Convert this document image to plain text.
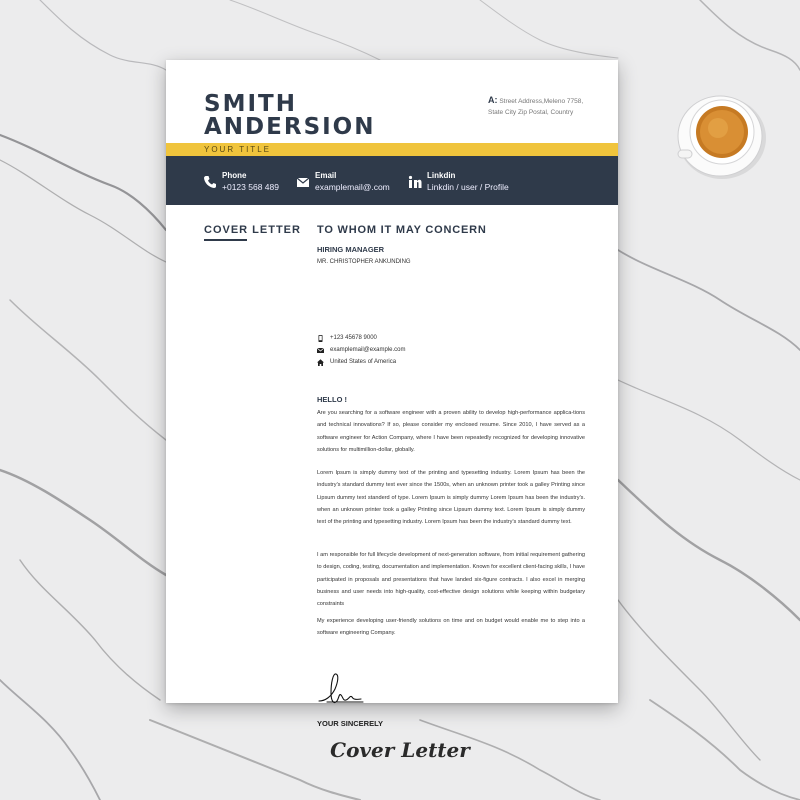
SMITH
ANDERSION
A: Street Address,Meleno 7758,
State City Zip Postal, Country
YOUR TITLE
Phone
+0123 568 489
Email
examplemail@.com
Linkdin
Linkdin / user / Profile
COVER LETTER TO WHOM IT MAY CONCERN
HIRING MANAGER
MR. CHRISTOPHER ANKUNDING
+123 45678 9000
examplemail@example.com
United States of America
HELLO !
Are you searching for a software engineer with a proven ability to develop high-performance applica-tions and technical innovations? If so, please consider my enclosed resume. Since 2010, I have served as a software engineer for Action Company, where I have been repeatedly recognized for developing innovative solutions for multimillion-dollar, globally.
Lorem Ipsum is simply dummy text of the printing and typesetting industry. Lorem Ipsum has been the industry's standard dummy text ever since the 1500s, when an unknown printer took a galley Printing since Lipsum dummy text standerd of type. Lorem Ipsum is simply dummy Lorem Ipsum has been the industry's. when an unknown printer took a galley Printing since Lipsum dummy text. Lorem Ipsum is simply dummy text of the printing and typesetting industry. Lorem Ipsum has been the industry's standard dummy text.
I am responsible for full lifecycle development of next-generation software, from initial requirement gathering to design, coding, testing, documentation and implementation. Known for excellent client-facing skills, I have participated in proposals and presentations that have landed six-figure contracts. I also excel in merging business and user needs into high-quality, cost-effective design solutions while keeping within budgetary constraints
My experience developing user-friendly solutions on time and on budget would enable me to step into a software engineering Company.
YOUR SINCERELY
Cover Letter
